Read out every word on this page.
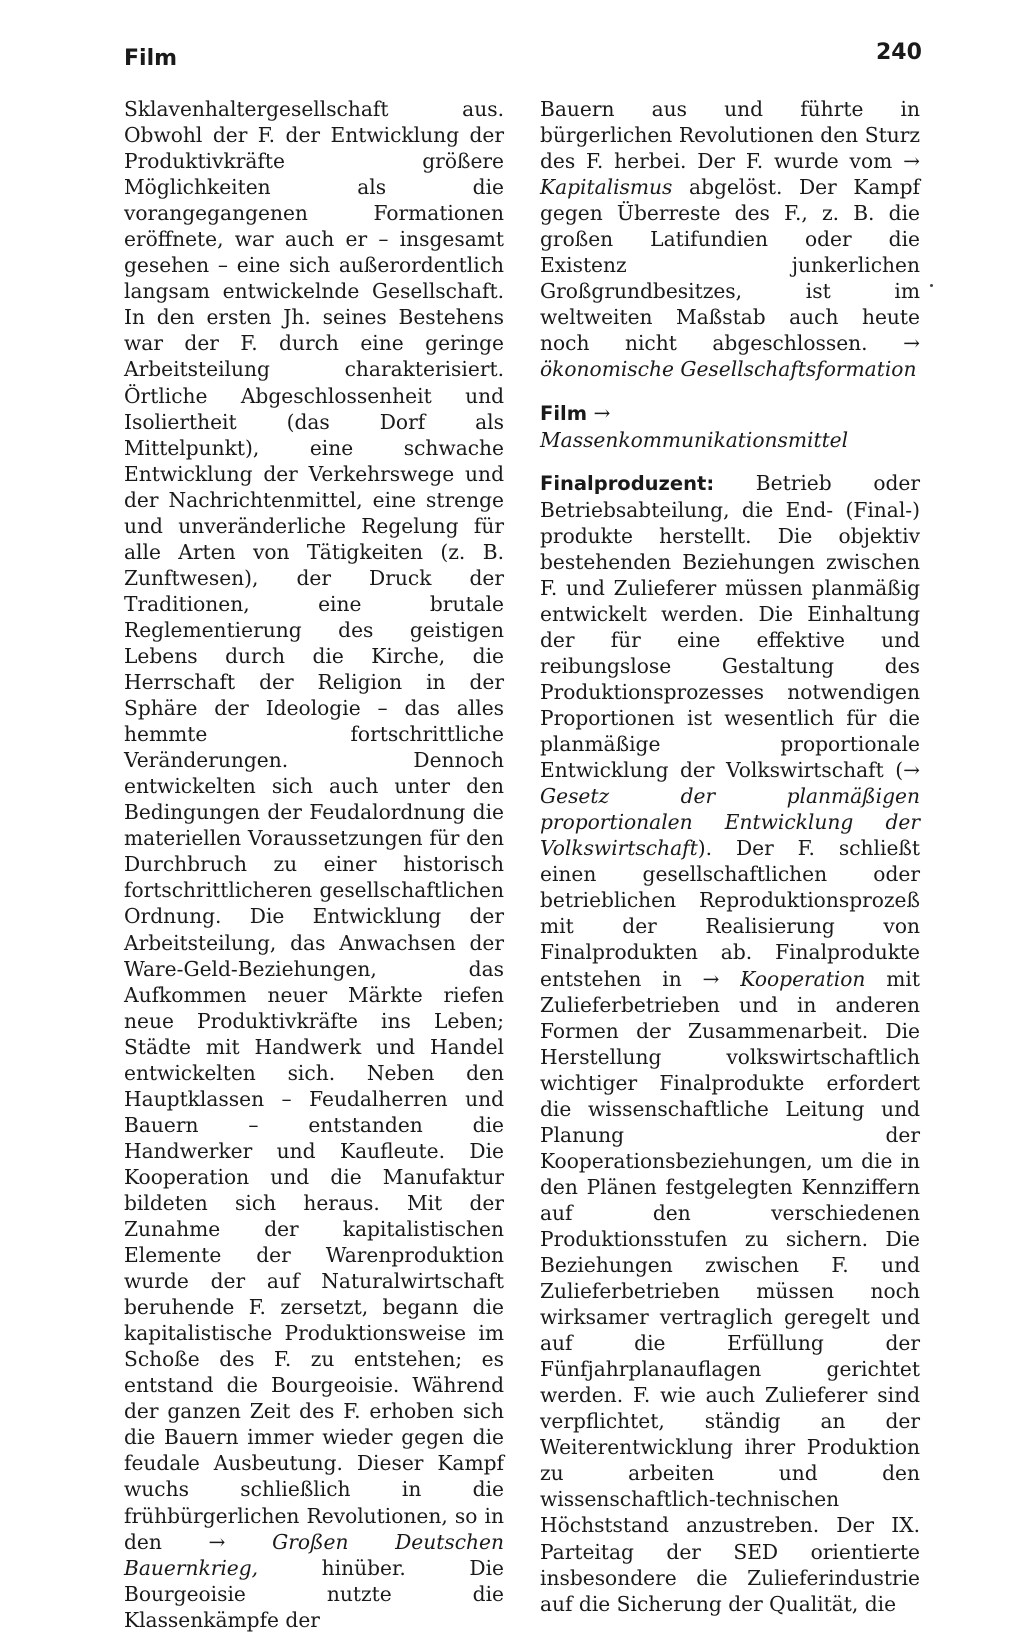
Film	240

Sklavenhaltergesellschaft aus. Obwohl der F. der Entwicklung der Produktivkräfte größere Möglichkeiten als die vorangegangenen Formationen eröffnete, war auch er – insgesamt gesehen – eine sich außerordentlich langsam entwickelnde Gesellschaft. In den ersten Jh. seines Bestehens war der F. durch eine geringe Arbeitsteilung charakterisiert. Örtliche Abgeschlossenheit und Isoliertheit (das Dorf als Mittelpunkt), eine schwache Entwicklung der Verkehrswege und der Nachrichtenmittel, eine strenge und unveränderliche Regelung für alle Arten von Tätigkeiten (z. B. Zunftwesen), der Druck der Traditionen, eine brutale Reglementierung des geistigen Lebens durch die Kirche, die Herrschaft der Religion in der Sphäre der Ideologie – das alles hemmte fortschrittliche Veränderungen. Dennoch entwickelten sich auch unter den Bedingungen der Feudalordnung die materiellen Voraussetzungen für den Durchbruch zu einer historisch fortschrittlicheren gesellschaftlichen Ordnung. Die Entwicklung der Arbeitsteilung, das Anwachsen der Ware-Geld-Beziehungen, das Aufkommen neuer Märkte riefen neue Produktivkräfte ins Leben; Städte mit Handwerk und Handel entwickelten sich. Neben den Hauptklassen – Feudalherren und Bauern – entstanden die Handwerker und Kaufleute. Die Kooperation und die Manufaktur bildeten sich heraus. Mit der Zunahme der kapitalistischen Elemente der Warenproduktion wurde der auf Naturalwirtschaft beruhende F. zersetzt, begann die kapitalistische Produktionsweise im Schoße des F. zu entstehen; es entstand die Bourgeoisie. Während der ganzen Zeit des F. erhoben sich die Bauern immer wieder gegen die feudale Ausbeutung. Dieser Kampf wuchs schließlich in die frühbürgerlichen Revolutionen, so in den → Großen Deutschen Bauernkrieg,	hinüber. Die Bourgeoisie nutzte die Klassenkämpfe der

Bauern aus und führte in bürgerlichen Revolutionen den Sturz des F. herbei. Der F. wurde vom → Kapitalismus abgelöst. Der Kampf gegen Überreste des F., z. B. die großen Latifundien oder die Existenz junkerlichen Großgrundbesitzes, ist im weltweiten Maßstab auch heute noch nicht abgeschlossen. → ökonomische Gesellschaftsformation

Film → Massenkommunikationsmittel

Finalproduzent: Betrieb oder Betriebsabteilung, die End- (Final-) produkte herstellt. Die objektiv bestehenden Beziehungen zwischen F. und Zulieferer müssen planmäßig entwickelt werden. Die Einhaltung der für eine effektive und reibungslose Gestaltung des Produktionsprozesses notwendigen Proportionen ist wesentlich für die planmäßige proportionale Entwicklung der Volkswirtschaft (→ Gesetz der planmäßigen proportionalen Entwicklung der Volkswirtschaft). Der F. schließt einen gesellschaftlichen oder betrieblichen Reproduktionsprozeß mit der Realisierung von Finalprodukten ab. Finalprodukte entstehen in → Kooperation mit Zulieferbetrieben und in anderen Formen der Zusammenarbeit. Die Herstellung volkswirtschaftlich wichtiger Finalprodukte erfordert die wissenschaftliche Leitung und Planung der Kooperationsbeziehungen, um die in den Plänen festgelegten Kennziffern auf den verschiedenen Produktionsstufen zu sichern. Die Beziehungen zwischen F. und Zulieferbetrieben müssen noch wirksamer vertraglich geregelt und auf die Erfüllung der Fünfjahrplanauflagen gerichtet werden. F. wie auch Zulieferer sind verpflichtet, ständig an der Weiterentwicklung ihrer Produktion zu arbeiten und den wissenschaftlich-technischen Höchststand anzustreben. Der IX. Parteitag der SED orientierte insbesondere die Zulieferindustrie auf die Sicherung der Qualität, die
